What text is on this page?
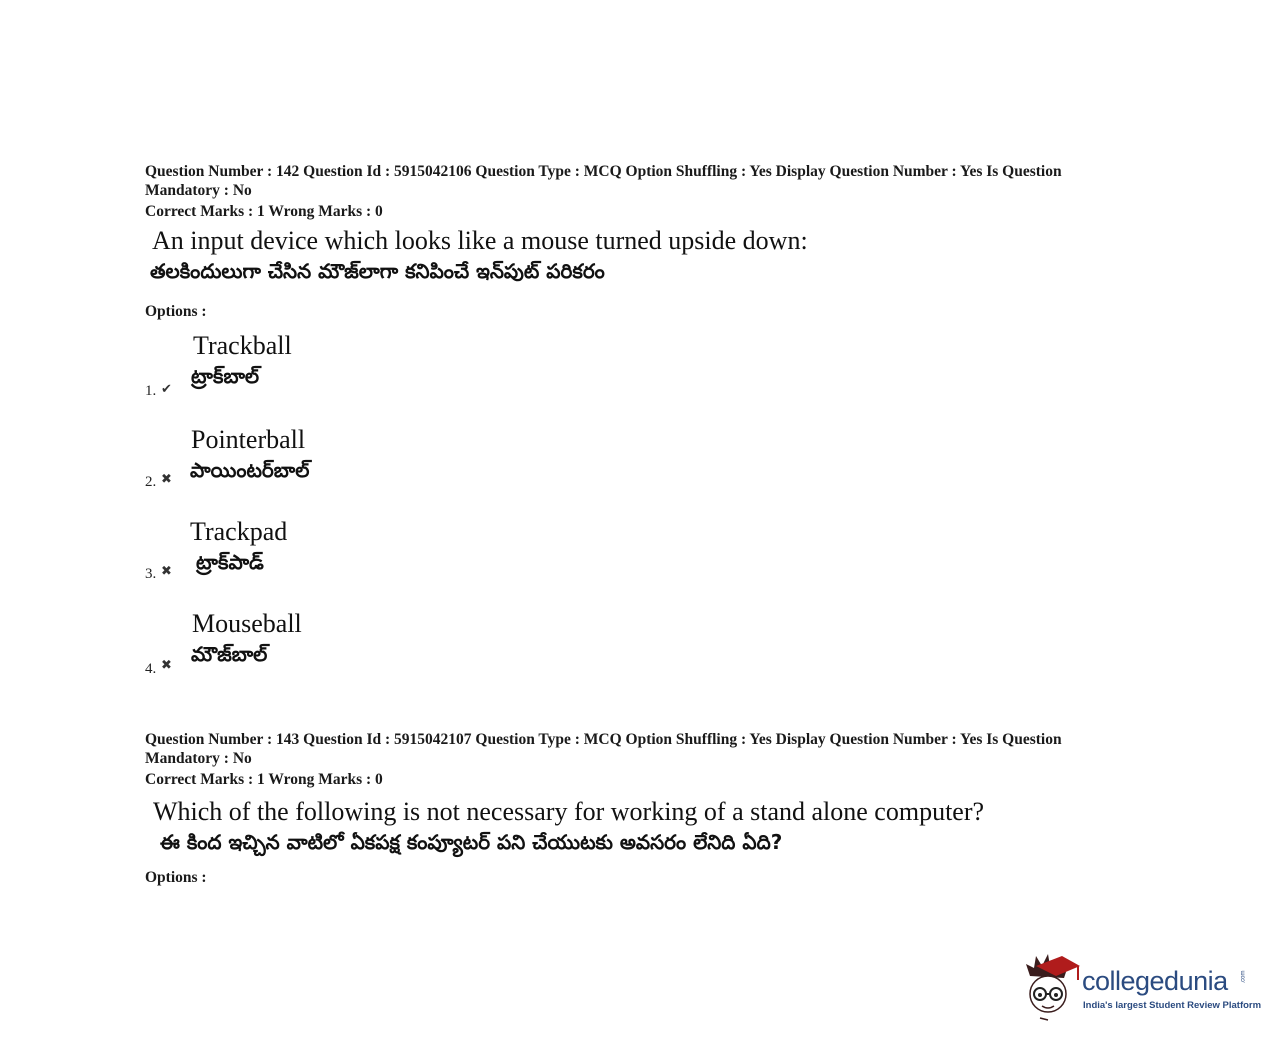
Question Number : 142 Question Id : 5915042106 Question Type : MCQ Option Shuffling : Yes Display Question Number : Yes Is Question
Mandatory : No
Correct Marks : 1 Wrong Marks : 0
An input device which looks like a mouse turned upside down:
తలకిందులుగా చేసిన మౌజ్‌లాగా కనిపించే ఇన్‌పుట్ పరికరం
Options :
Trackball
ట్రాక్‌బాల్
1. ✔
Pointerball
పాయింటర్‌బాల్
2. ✖
Trackpad
ట్రాక్‌పాడ్
3. ✖
Mouseball
మౌజ్‌బాల్
4. ✖
Question Number : 143 Question Id : 5915042107 Question Type : MCQ Option Shuffling : Yes Display Question Number : Yes Is Question
Mandatory : No
Correct Marks : 1 Wrong Marks : 0
Which of the following is not necessary for working of a stand alone computer?
ఈ కింద ఇచ్చిన వాటిలో ఏకపక్ష కంప్యూటర్ పని చేయుటకు అవసరం లేనిది ఏది?
Options :
collegedunia .com
India's largest Student Review Platform
